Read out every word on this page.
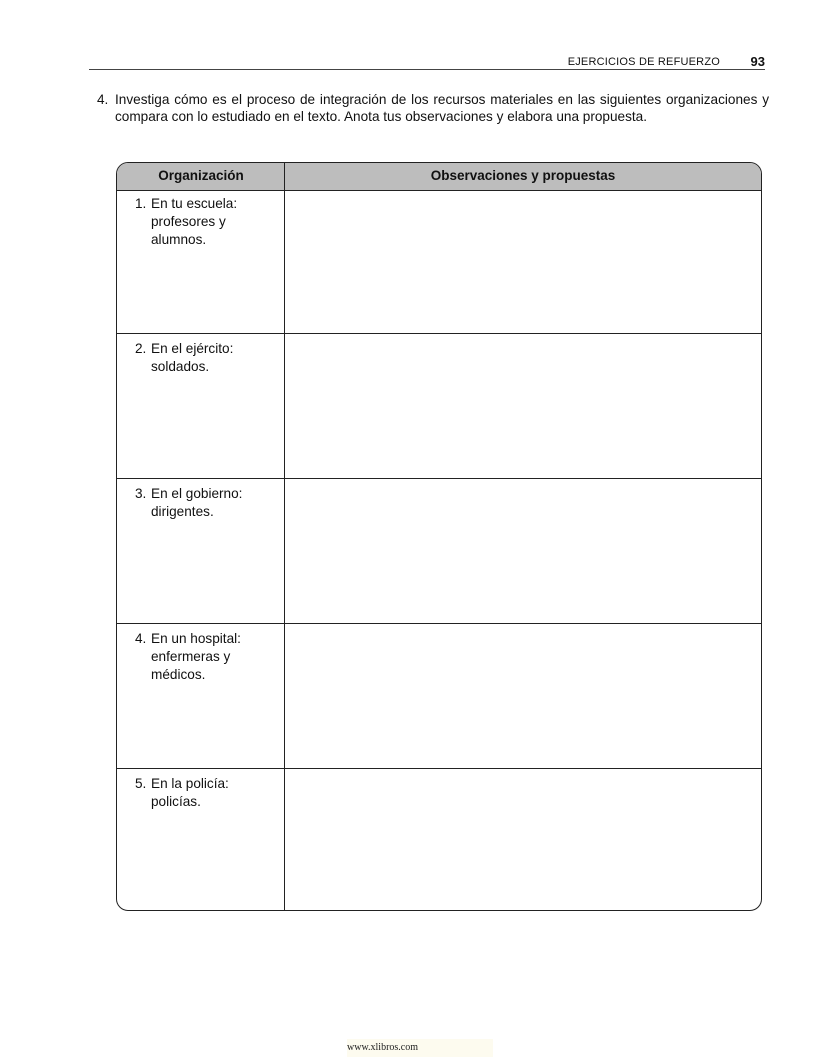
EJERCICIOS DE REFUERZO 93
4. Investiga cómo es el proceso de integración de los recursos materiales en las siguientes organizaciones y compara con lo estudiado en el texto. Anota tus observaciones y elabora una propuesta.
Organización	Observaciones y propuestas
1. En tu escuela: profesores y alumnos.
2. En el ejército: soldados.
3. En el gobierno: dirigentes.
4. En un hospital: enfermeras y médicos.
5. En la policía: policías.
www.xlibros.com
